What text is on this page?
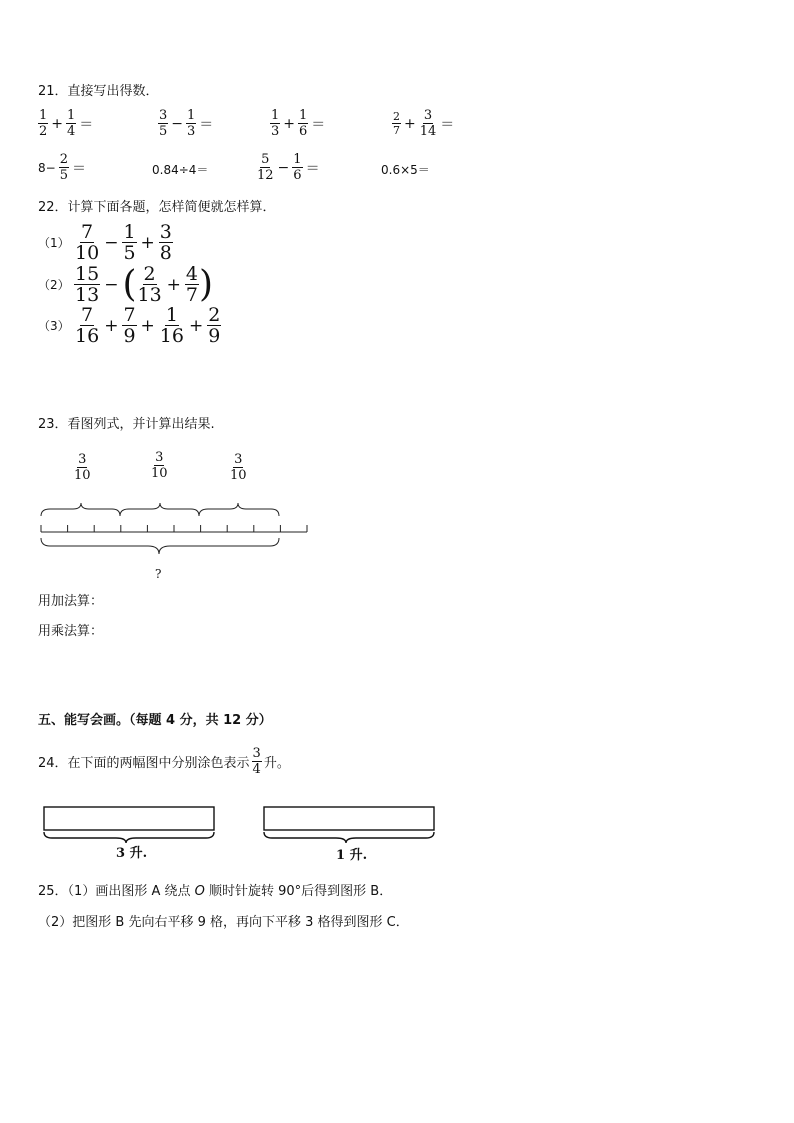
21．直接写出得数．
$\frac{1}{2} + \frac{1}{4}$ ＝	$\frac{3}{5} - \frac{1}{3}$ ＝	$\frac{1}{3} + \frac{1}{6}$ ＝	$\frac{2}{7} + \frac{3}{14}$ ＝
$8- \frac{2}{5}$ ＝	0.84÷4＝	$\frac{5}{12} - \frac{1}{6}$ ＝	0.6×5＝
22．计算下面各题，怎样简便就怎样算．
$(1) \frac{7}{10} - \frac{1}{5} + \frac{3}{8}$
$(2) \frac{15}{13}$ − ( $\frac{2}{13} + \frac{4}{7}$ )
$(3) \frac{7}{16} + \frac{7}{9} + \frac{1}{16} + \frac{2}{9}$
23．看图列式，并计算出结果.
$\frac{3}{10}$	$\frac{3}{10}$	$\frac{3}{10}$
?
用加法算：
用乘法算：
五、能写会画。（每题 4 分，共 12 分）
24．在下面的两幅图中分别涂色表示 $\frac{3}{4}$ 升。
3 升.	1 升.
25．（1）画出图形 A 绕点 O 顺时针旋转 90°后得到图形 B．
（2）把图形 B 先向右平移 9 格，再向下平移 3 格得到图形 C．
